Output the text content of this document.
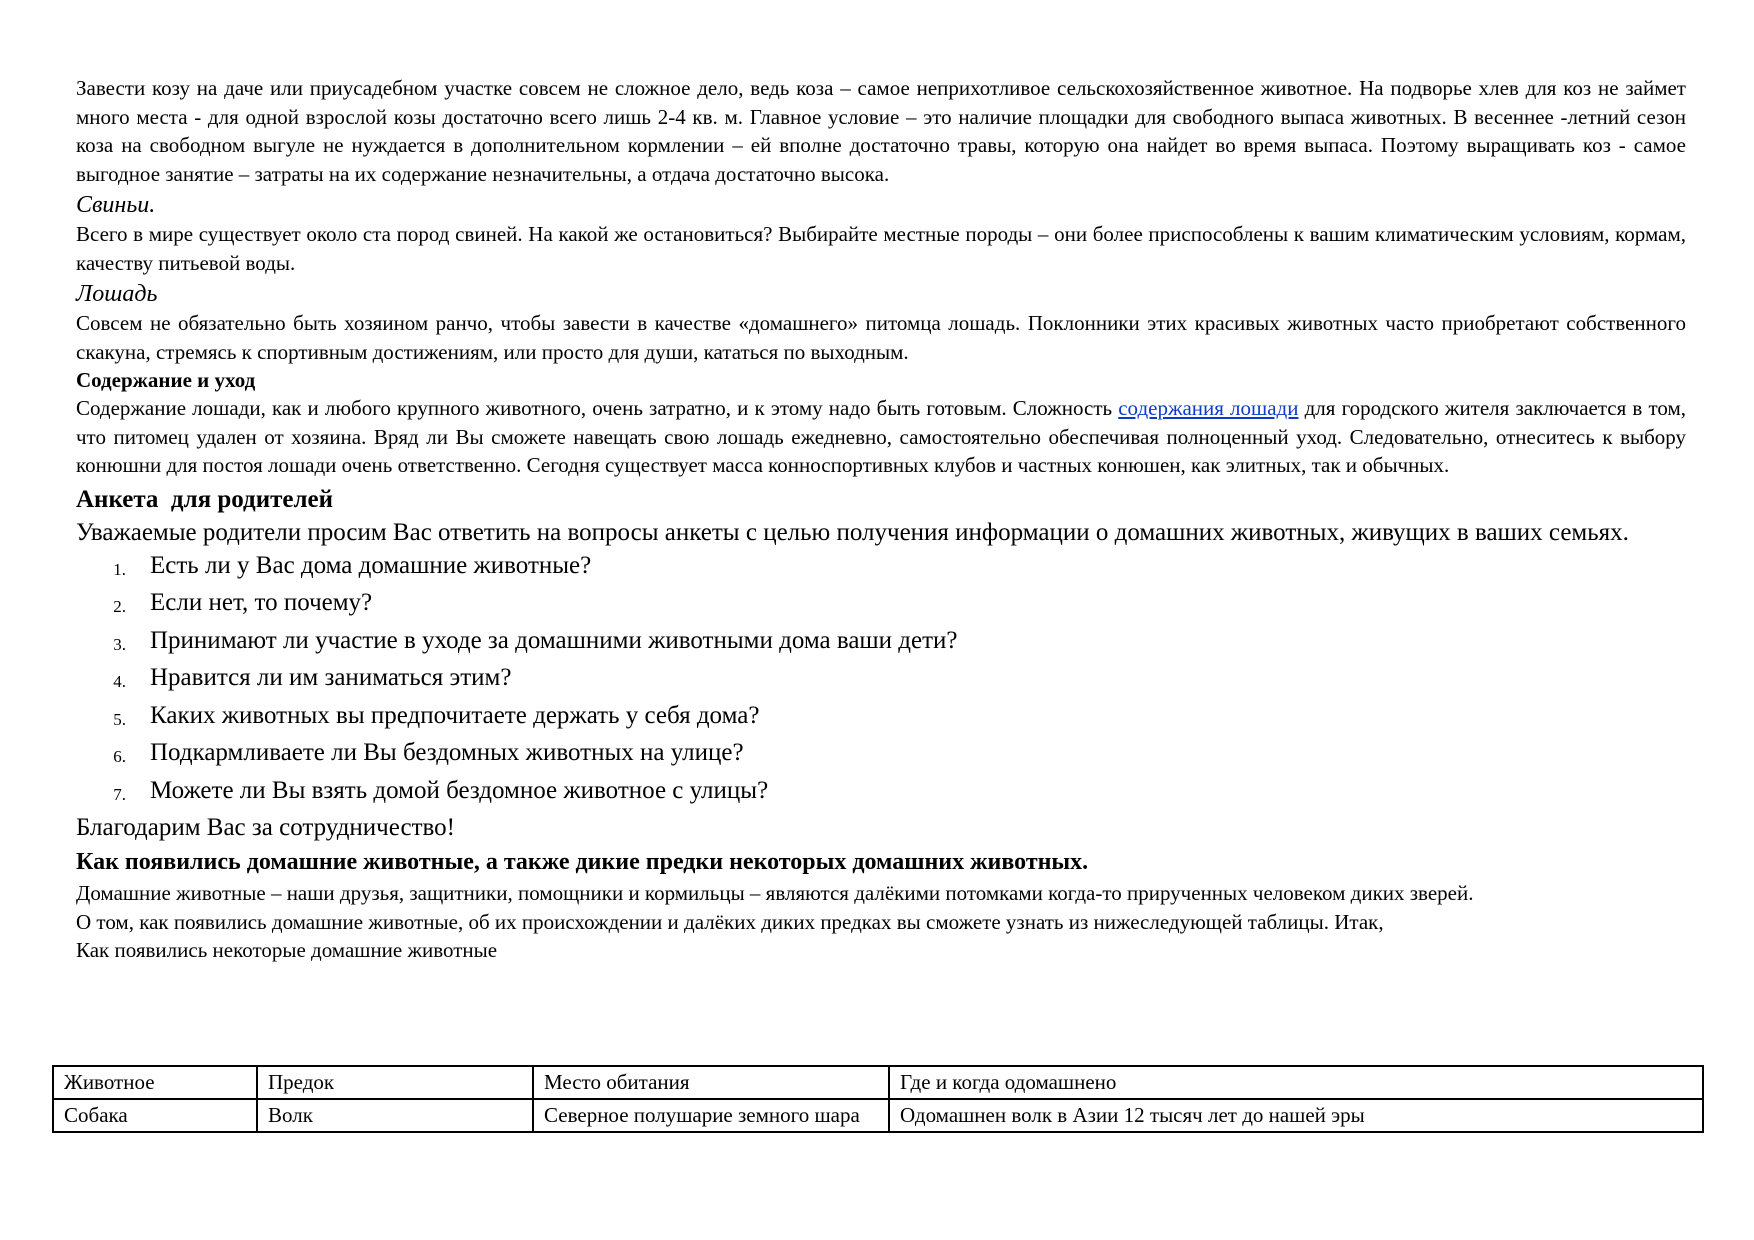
Завести козу на даче или приусадебном участке совсем не сложное дело, ведь коза – самое неприхотливое сельскохозяйственное животное. На подворье хлев для коз не займет много места - для одной взрослой козы достаточно всего лишь 2-4 кв. м. Главное условие – это наличие площадки для свободного выпаса животных. В весеннее -летний сезон коза на свободном выгуле не нуждается в дополнительном кормлении – ей вполне достаточно травы, которую она найдет во время выпаса. Поэтому выращивать коз - самое выгодное занятие – затраты на их содержание незначительны, а отдача достаточно высока.

Свиньи.

Всего в мире существует около ста пород свиней. На какой же остановиться? Выбирайте местные породы – они более приспособлены к вашим климатическим условиям, кормам, качеству питьевой воды.

Лошадь

Совсем не обязательно быть хозяином ранчо, чтобы завести в качестве «домашнего» питомца лошадь. Поклонники этих красивых животных часто приобретают собственного скакуна, стремясь к спортивным достижениям, или просто для души, кататься по выходным.

Содержание и уход

Содержание лошади, как и любого крупного животного, очень затратно, и к этому надо быть готовым. Сложность содержания лошади для городского жителя заключается в том, что питомец удален от хозяина. Вряд ли Вы сможете навещать свою лошадь ежедневно, самостоятельно обеспечивая полноценный уход. Следовательно, отнеситесь к выбору конюшни для постоя лошади очень ответственно. Сегодня существует масса конноспортивных клубов и частных конюшен, как элитных, так и обычных.

Анкета  для родителей

Уважаемые родители просим Вас ответить на вопросы анкеты с целью получения информации о домашних животных, живущих в ваших семьях.

1. Есть ли у Вас дома домашние животные?
2. Если нет, то почему?
3. Принимают ли участие в уходе за домашними животными дома ваши дети?
4. Нравится ли им заниматься этим?
5. Каких животных вы предпочитаете держать у себя дома?
6. Подкармливаете ли Вы бездомных животных на улице?
7. Можете ли Вы взять домой бездомное животное с улицы?

Благодарим Вас за сотрудничество!

Как появились домашние животные, а также дикие предки некоторых домашних животных.

Домашние животные – наши друзья, защитники, помощники и кормильцы – являются далёкими потомками когда-то прирученных человеком диких зверей.

О том, как появились домашние животные, об их происхождении и далёких диких предках вы сможете узнать из нижеследующей таблицы. Итак,

Как появились некоторые домашние животные

Животное	Предок	Место обитания	Где и когда одомашнено
Собака	Волк	Северное полушарие земного шара	Одомашнен волк в Азии 12 тысяч лет до нашей эры
